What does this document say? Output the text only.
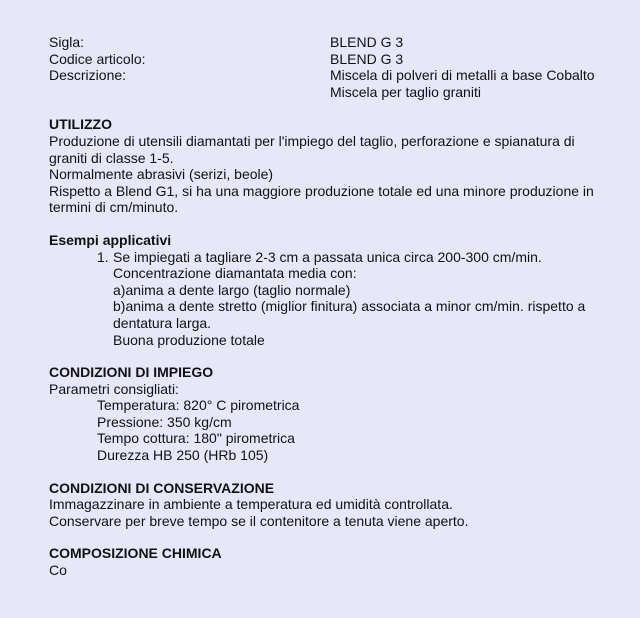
Sigla:	BLEND G 3
Codice articolo:	BLEND G 3
Descrizione:	Miscela di polveri di metalli a base Cobalto
Miscela per taglio graniti
UTILIZZO
Produzione di utensili diamantati per l'impiego del taglio, perforazione e spianatura di graniti di classe 1-5.
Normalmente abrasivi (serizi, beole)
Rispetto a Blend G1, si ha una maggiore produzione totale ed una minore produzione in termini di cm/minuto.
Esempi applicativi
1. Se impiegati a tagliare 2-3 cm a passata unica circa 200-300 cm/min.
Concentrazione diamantata media con:
a)anima a dente largo (taglio normale)
b)anima a dente stretto (miglior finitura) associata a minor cm/min. rispetto a dentatura larga.
Buona produzione totale
CONDIZIONI DI IMPIEGO
Parametri consigliati:
Temperatura: 820° C pirometrica
Pressione: 350 kg/cm
Tempo cottura: 180" pirometrica
Durezza HB 250 (HRb 105)
CONDIZIONI DI CONSERVAZIONE
Immagazzinare in ambiente a temperatura ed umidità controllata.
Conservare per breve tempo se il contenitore a tenuta viene aperto.
COMPOSIZIONE CHIMICA
Co
